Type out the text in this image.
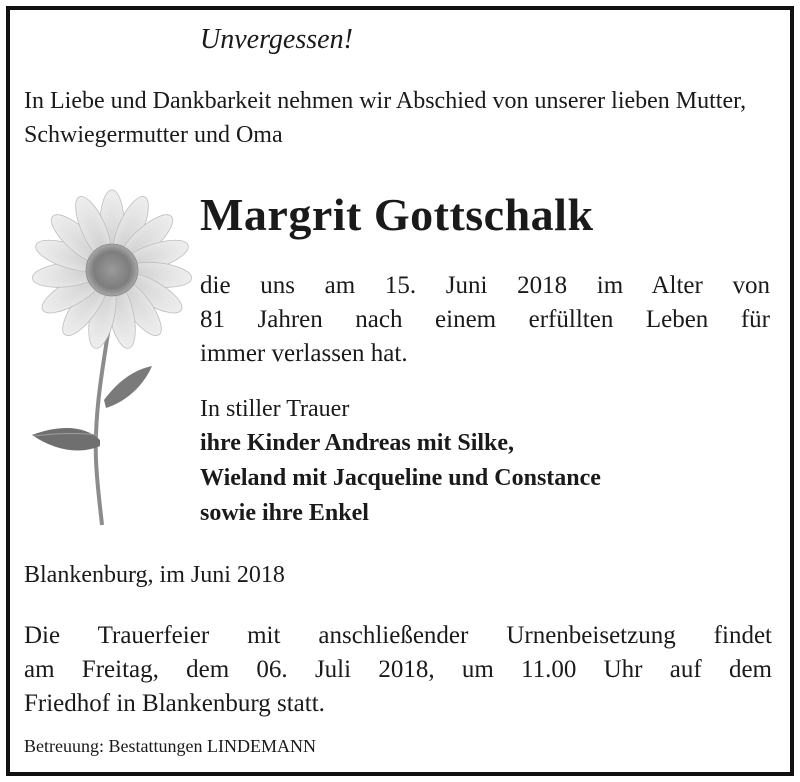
Unvergessen!

In Liebe und Dankbarkeit nehmen wir Abschied von unserer lieben Mutter, Schwiegermutter und Oma

Margrit Gottschalk

die uns am 15. Juni 2018 im Alter von

81 Jahren nach einem erfüllten Leben für

immer verlassen hat.

In stiller Trauer

ihre Kinder Andreas mit Silke,

Wieland mit Jacqueline und Constance

sowie ihre Enkel

Blankenburg, im Juni 2018

Die Trauerfeier mit anschließender Urnenbeisetzung findet

am Freitag, dem 06. Juli 2018, um 11.00 Uhr auf dem

Friedhof in Blankenburg statt.

Betreuung: Bestattungen LINDEMANN
